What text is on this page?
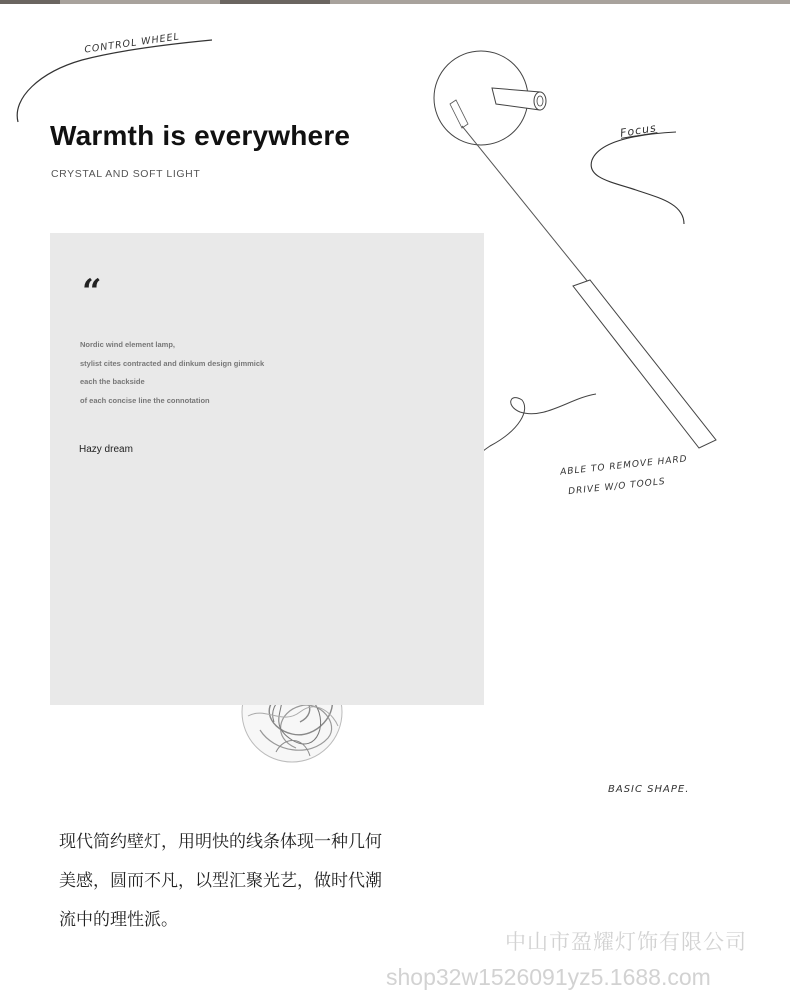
CONTROL WHEEL
Focus
ABLE TO REMOVE HARD
DRIVE W/O TOOLS
BASIC SHAPE.
Warmth is everywhere
CRYSTAL AND SOFT LIGHT
“
Nordic wind element lamp,
stylist cites contracted and dinkum design gimmick
each the backside
of each concise line the connotation
Hazy dream
现代简约壁灯，用明快的线条体现一种几何
美感，圆而不凡，以型汇聚光艺，做时代潮
流中的理性派。
中山市盈耀灯饰有限公司
shop32w1526091yz5.1688.com
